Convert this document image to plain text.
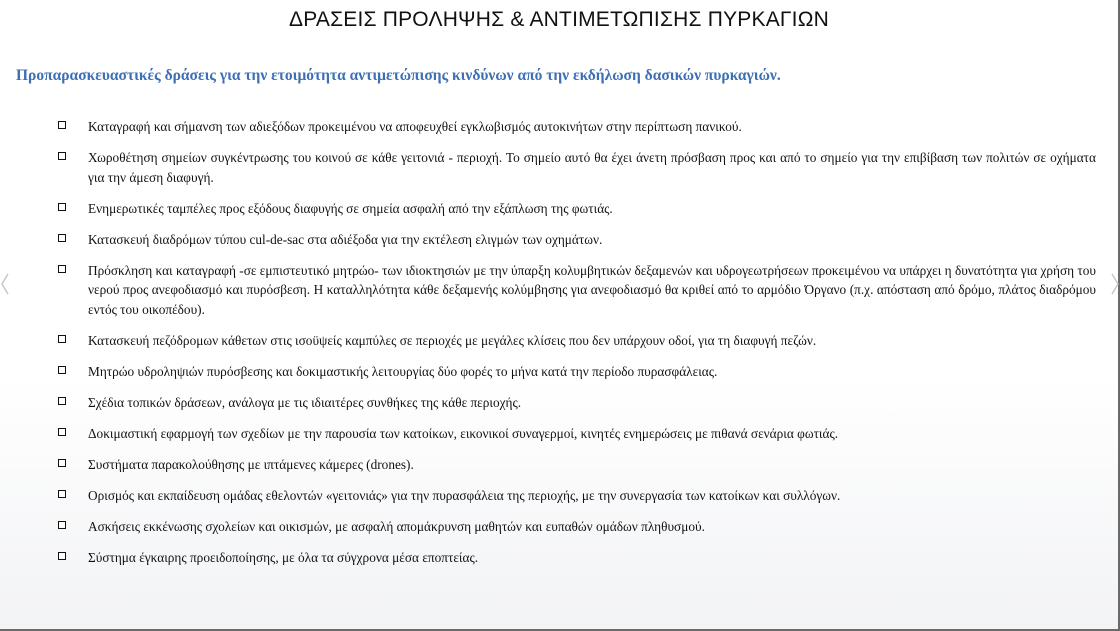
ΔΡΑΣΕΙΣ ΠΡΟΛΗΨΗΣ & ΑΝΤΙΜΕΤΩΠΙΣΗΣ ΠΥΡΚΑΓΙΩΝ
Προπαρασκευαστικές δράσεις για την ετοιμότητα αντιμετώπισης κινδύνων από την εκδήλωση δασικών πυρκαγιών.
Καταγραφή και σήμανση των αδιεξόδων προκειμένου να αποφευχθεί εγκλωβισμός αυτοκινήτων στην περίπτωση πανικού.
Χωροθέτηση σημείων συγκέντρωσης του κοινού σε κάθε γειτονιά - περιοχή. Το σημείο αυτό θα έχει άνετη πρόσβαση προς και από το σημείο για την επιβίβαση των πολιτών σε οχήματα για την άμεση διαφυγή.
Ενημερωτικές ταμπέλες προς εξόδους διαφυγής σε σημεία ασφαλή από την εξάπλωση της φωτιάς.
Κατασκευή διαδρόμων τύπου cul-de-sac στα αδιέξοδα για την εκτέλεση ελιγμών των οχημάτων.
Πρόσκληση και καταγραφή -σε εμπιστευτικό μητρώο- των ιδιοκτησιών με την ύπαρξη κολυμβητικών δεξαμενών και υδρογεωτρήσεων προκειμένου να υπάρχει η δυνατότητα για χρήση του νερού προς ανεφοδιασμό και πυρόσβεση. Η καταλληλότητα κάθε δεξαμενής κολύμβησης για ανεφοδιασμό θα κριθεί από το αρμόδιο Όργανο (π.χ. απόσταση από δρόμο, πλάτος διαδρόμου εντός του οικοπέδου).
Κατασκευή πεζόδρομων κάθετων στις ισοϋψείς καμπύλες σε περιοχές με μεγάλες κλίσεις που δεν υπάρχουν οδοί, για τη διαφυγή πεζών.
Μητρώο υδροληψιών πυρόσβεσης και δοκιμαστικής λειτουργίας δύο φορές το μήνα κατά την περίοδο πυρασφάλειας.
Σχέδια τοπικών δράσεων, ανάλογα με τις ιδιαιτέρες συνθήκες της κάθε περιοχής.
Δοκιμαστική εφαρμογή των σχεδίων με την παρουσία των κατοίκων, εικονικοί συναγερμοί, κινητές ενημερώσεις με πιθανά σενάρια φωτιάς.
Συστήματα παρακολούθησης με ιπτάμενες κάμερες (drones).
Ορισμός και εκπαίδευση ομάδας εθελοντών «γειτονιάς» για την πυρασφάλεια της περιοχής, με την συνεργασία των κατοίκων και συλλόγων.
Ασκήσεις εκκένωσης σχολείων και οικισμών, με ασφαλή απομάκρυνση μαθητών και ευπαθών ομάδων πληθυσμού.
Σύστημα έγκαιρης προειδοποίησης, με όλα τα σύγχρονα μέσα εποπτείας.
